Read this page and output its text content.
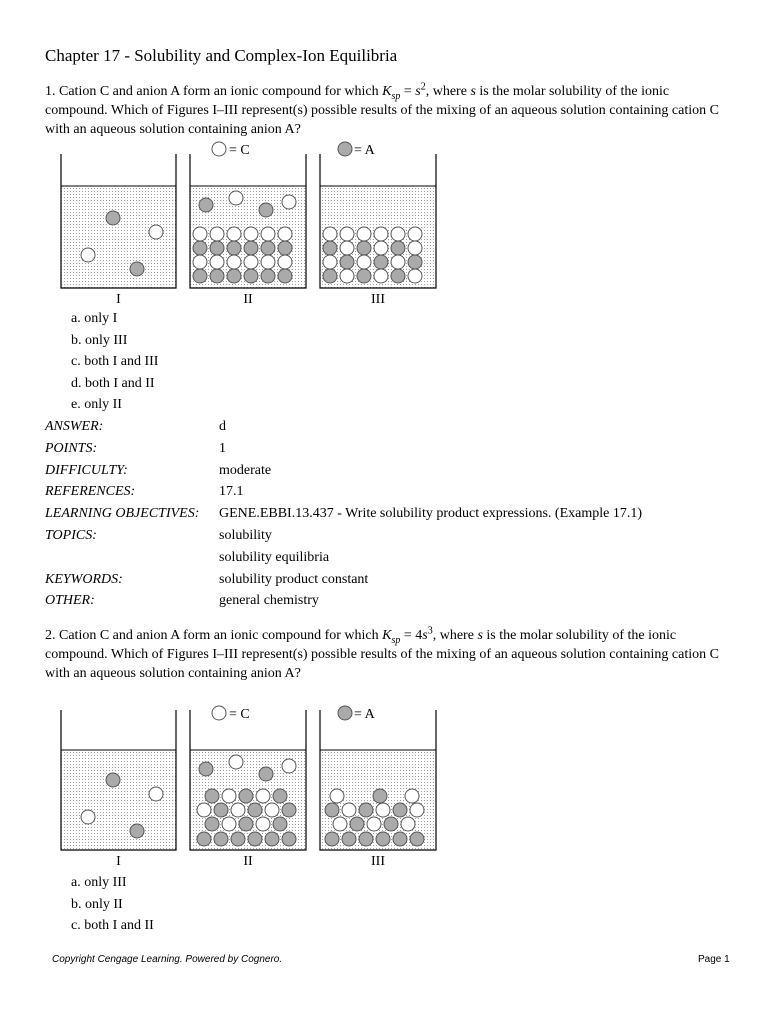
Chapter 17 - Solubility and Complex-Ion Equilibria
1. Cation C and anion A form an ionic compound for which $K_{sp} = s^2$, where s is the molar solubility of the ionic compound. Which of Figures I–III represent(s) possible results of the mixing of an aqueous solution containing cation C with an aqueous solution containing anion A?
= C	= A
I	II	III
a. only I
b. only III
c. both I and III
d. both I and II
e. only II
ANSWER:	d
POINTS:	1
DIFFICULTY:	moderate
REFERENCES:	17.1
LEARNING OBJECTIVES:	GENE.EBBI.13.437 - Write solubility product expressions. (Example 17.1)
TOPICS:	solubility
solubility equilibria
KEYWORDS:	solubility product constant
OTHER:	general chemistry
2. Cation C and anion A form an ionic compound for which $K_{sp} = 4s^3$, where s is the molar solubility of the ionic compound. Which of Figures I–III represent(s) possible results of the mixing of an aqueous solution containing cation C with an aqueous solution containing anion A?
= C	= A
I	II	III
a. only III
b. only II
c. both I and II
Copyright Cengage Learning. Powered by Cognero.	Page 1
